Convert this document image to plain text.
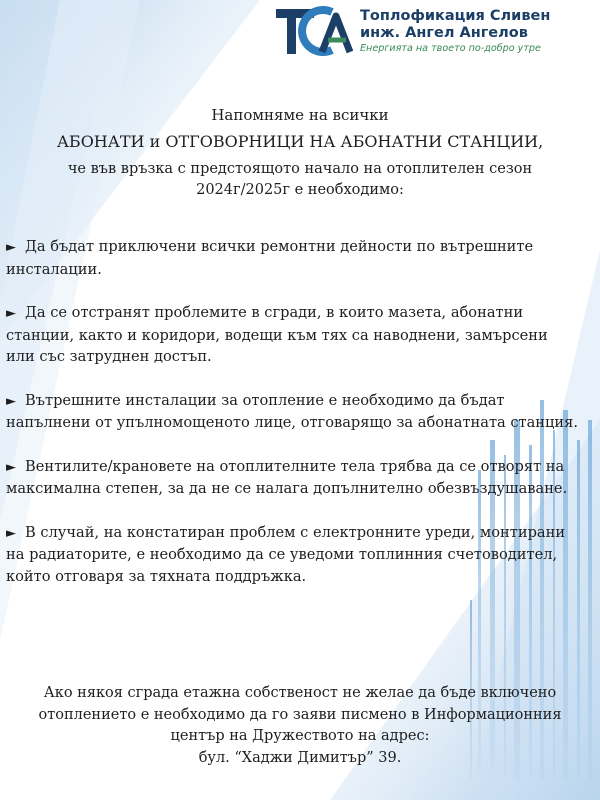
Топлофикация Сливен
инж. Ангел Ангелов
Енергията на твоето по-добро утре
Напомняме на всички
АБОНАТИ и ОТГОВОРНИЦИ НА АБОНАТНИ СТАНЦИИ,
че във връзка с предстоящото начало на отоплителен сезон 2024г/2025г е необходимо:
► Да бъдат приключени всички ремонтни дейности по вътрешните инсталации.
► Да се отстранят проблемите в сгради, в които мазета, абонатни станции, както и коридори, водещи към тях са наводнени, замърсени или със затруднен достъп.
► Вътрешните инсталации за отопление е необходимо да бъдат напълнени от упълномощеното лице, отговарящо за абонатната станция.
► Вентилите/крановете на отоплителните тела трябва да се отворят на максимална степен, за да не се налага допълнително обезвъздушаване.
► В случай, на констатиран проблем с електронните уреди, монтирани на радиаторите, е необходимо да се уведоми топлинния счетоводител, който отговаря за тяхната поддръжка.
Ако някоя сграда етажна собственост не желае да бъде включено отоплението е необходимо да го заяви писмено в Информационния център на Дружеството на адрес:
бул. “Хаджи Димитър” 39.
